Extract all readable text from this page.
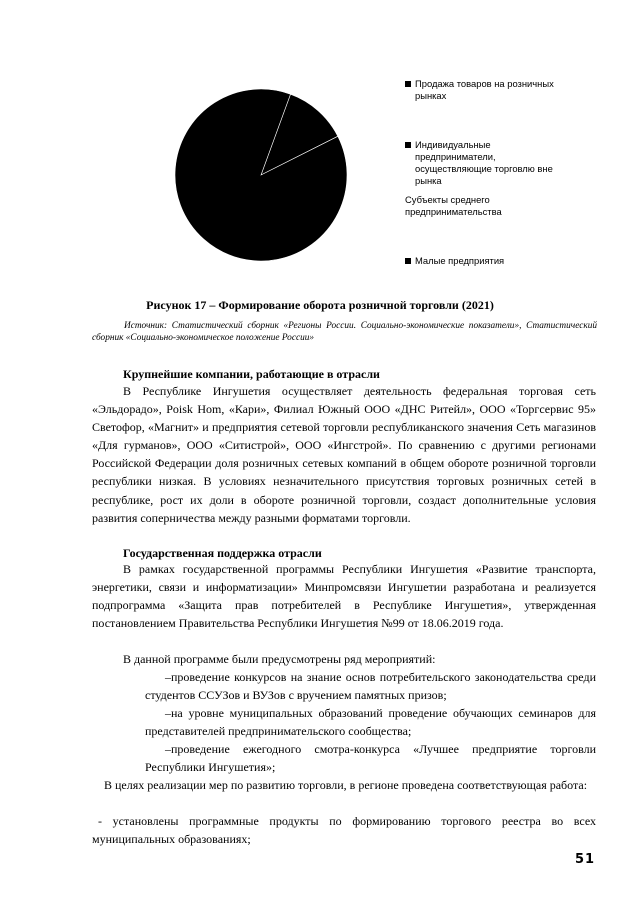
12
Продажа товаров на розничных рынках
Индивидуальные предприниматели, осуществляющие торговлю вне рынка
Субъекты среднего предпринимательства
Малые предприятия
Рисунок 17 – Формирование оборота розничной торговли (2021)
Источник: Статистический сборник «Регионы России. Социально-экономические показатели», Статистический сборник «Социально-экономическое положение России»
Крупнейшие компании, работающие в отрасли
В Республике Ингушетия осуществляет деятельность федеральная торговая сеть «Эльдорадо», Poisk Hom, «Кари», Филиал Южный ООО «ДНС Ритейл», ООО «Торгсервис 95» Светофор, «Магнит» и предприятия сетевой торговли республиканского значения Сеть магазинов «Для гурманов», ООО «Ситистрой», ООО «Ингстрой». По сравнению с другими регионами Российской Федерации доля розничных сетевых компаний в общем обороте розничной торговли республики низкая. В условиях незначительного присутствия торговых розничных сетей в республике, рост их доли в обороте розничной торговли, создаст дополнительные условия развития соперничества между разными форматами торговли.
Государственная поддержка отрасли
В рамках государственной программы Республики Ингушетия «Развитие транспорта, энергетики, связи и информатизации» Минпромсвязи Ингушетии разработана и реализуется подпрограмма «Защита прав потребителей в Республике Ингушетия», утвержденная постановлением Правительства Республики Ингушетия №99 от 18.06.2019 года.
В данной программе были предусмотрены ряд мероприятий:
–проведение конкурсов на знание основ потребительского законодательства среди студентов ССУЗов и ВУЗов с вручением памятных призов;
–на уровне муниципальных образований проведение обучающих семинаров для представителей предпринимательского сообщества;
–проведение ежегодного смотра-конкурса «Лучшее предприятие торговли Республики Ингушетия»;
В целях реализации мер по развитию торговли, в регионе проведена соответствующая работа:
- установлены программные продукты по формированию торгового реестра во всех муниципальных образованиях;
51
